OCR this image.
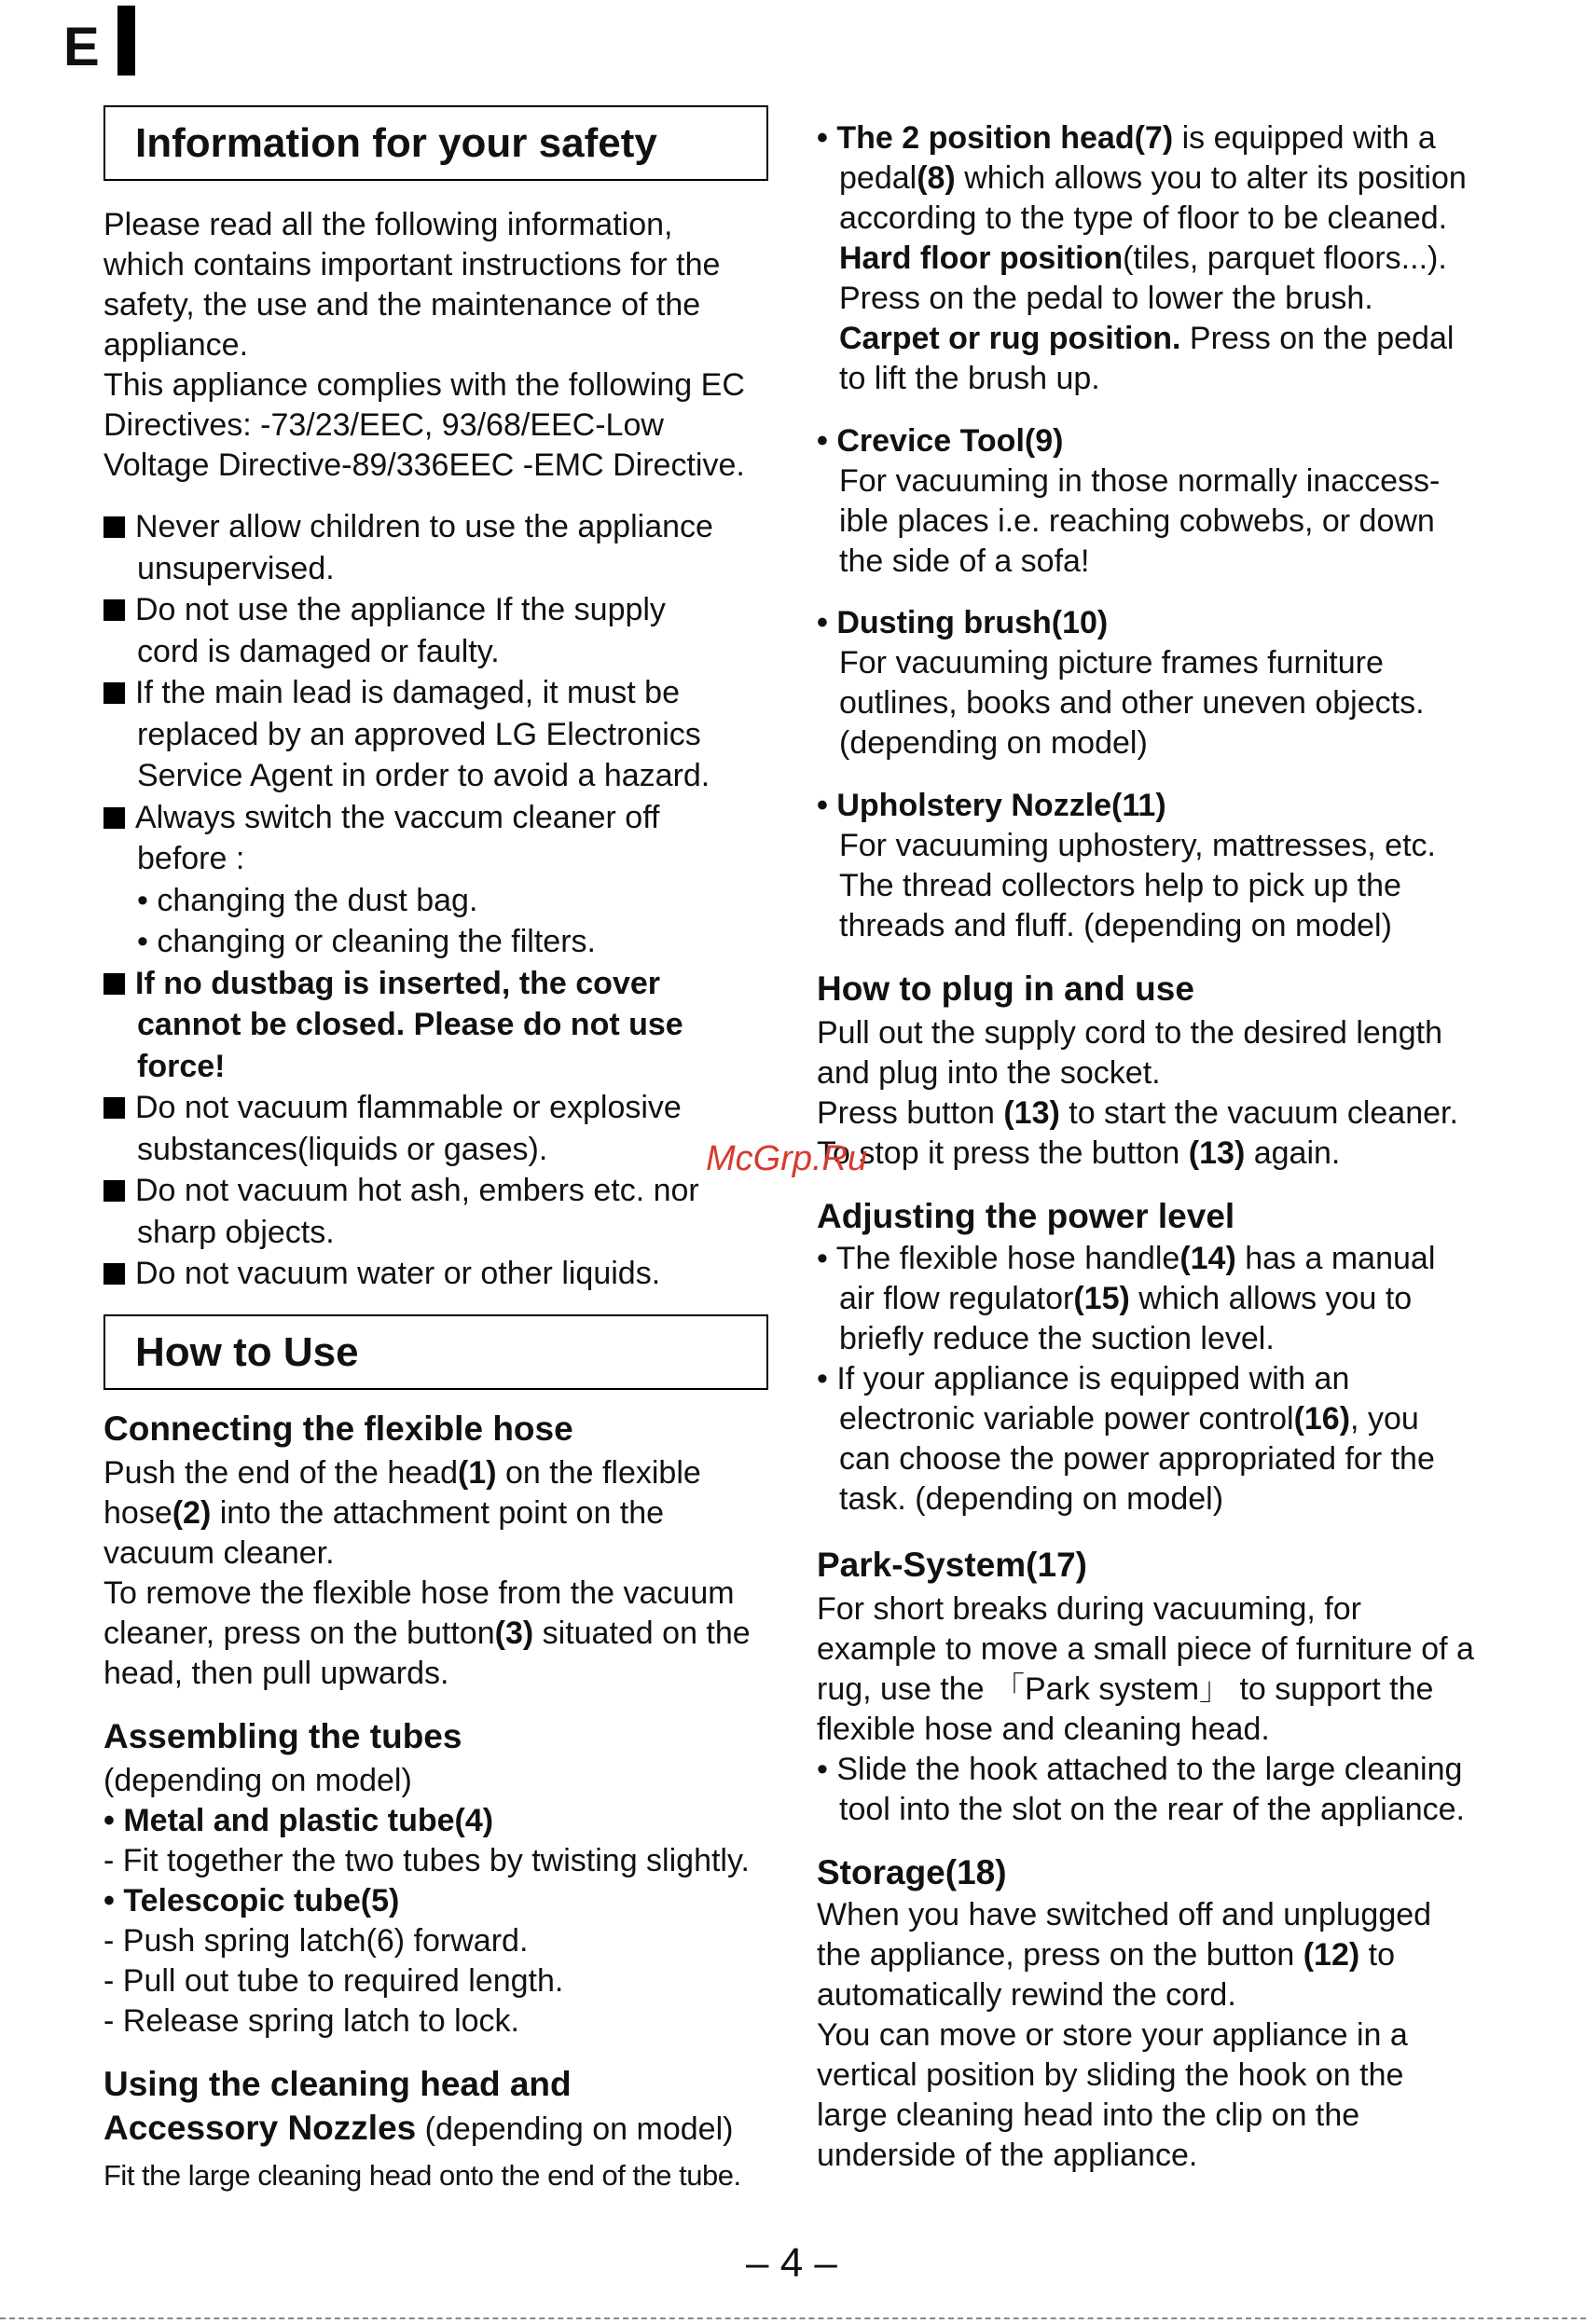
E
Information for your safety
Please read all the following information,
which contains important instructions for the
safety, the use and the maintenance of the
appliance.
This appliance complies with the following EC
Directives: -73/23/EEC, 93/68/EEC-Low
Voltage Directive-89/336EEC -EMC Directive.
Never allow children to use the appliance
unsupervised.
Do not use the appliance If the supply
cord is damaged or faulty.
If the main lead is damaged, it must be
replaced by an approved LG Electronics
Service Agent in order to avoid a hazard.
Always switch the vaccum cleaner off
before :
• changing the dust bag.
• changing or cleaning the filters.
If no dustbag is inserted, the cover
cannot be closed. Please do not use
force!
Do not vacuum flammable or explosive
substances(liquids or gases).
Do not vacuum hot ash, embers etc. nor
sharp objects.
Do not vacuum water or other liquids.
How to Use
Connecting the flexible hose
Push the end of the head(1) on the flexible
hose(2) into the attachment point on the
vacuum cleaner.
To remove the flexible hose from the vacuum
cleaner, press on the button(3) situated on the
head, then pull upwards.
Assembling the tubes
(depending on model)
• Metal and plastic tube(4)
- Fit together the two tubes by twisting slightly.
• Telescopic tube(5)
- Push spring latch(6) forward.
- Pull out tube to required length.
- Release spring latch to lock.
Using the cleaning head and
Accessory Nozzles (depending on model)
Fit the large cleaning head onto the end of the tube.
• The 2 position head(7) is equipped with a
pedal(8) which allows you to alter its position
according to the type of floor to be cleaned.
Hard floor position(tiles, parquet floors...).
Press on the pedal to lower the brush.
Carpet or rug position. Press on the pedal
to lift the brush up.
• Crevice Tool(9)
For vacuuming in those normally inaccess-
ible places i.e. reaching cobwebs, or down
the side of a sofa!
• Dusting brush(10)
For vacuuming picture frames furniture
outlines, books and other uneven objects.
(depending on model)
• Upholstery Nozzle(11)
For vacuuming uphostery, mattresses, etc.
The thread collectors help to pick up the
threads and fluff. (depending on model)
How to plug in and use
Pull out the supply cord to the desired length
and plug into the socket.
Press button (13) to start the vacuum cleaner.
To stop it press the button (13) again.
Adjusting the power level
• The flexible hose handle(14) has a manual
air flow regulator(15) which allows you to
briefly reduce the suction level.
• If your appliance is equipped with an
electronic variable power control(16), you
can choose the power appropriated for the
task. (depending on model)
Park-System(17)
For short breaks during vacuuming, for
example to move a small piece of furniture of a
rug, use the 「Park system」 to support the
flexible hose and cleaning head.
• Slide the hook attached to the large cleaning
tool into the slot on the rear of the appliance.
Storage(18)
When you have switched off and unplugged
the appliance, press on the button (12) to
automatically rewind the cord.
You can move or store your appliance in a
vertical position by sliding the hook on the
large cleaning head into the clip on the
underside of the appliance.
McGrp.Ru
– 4 –
